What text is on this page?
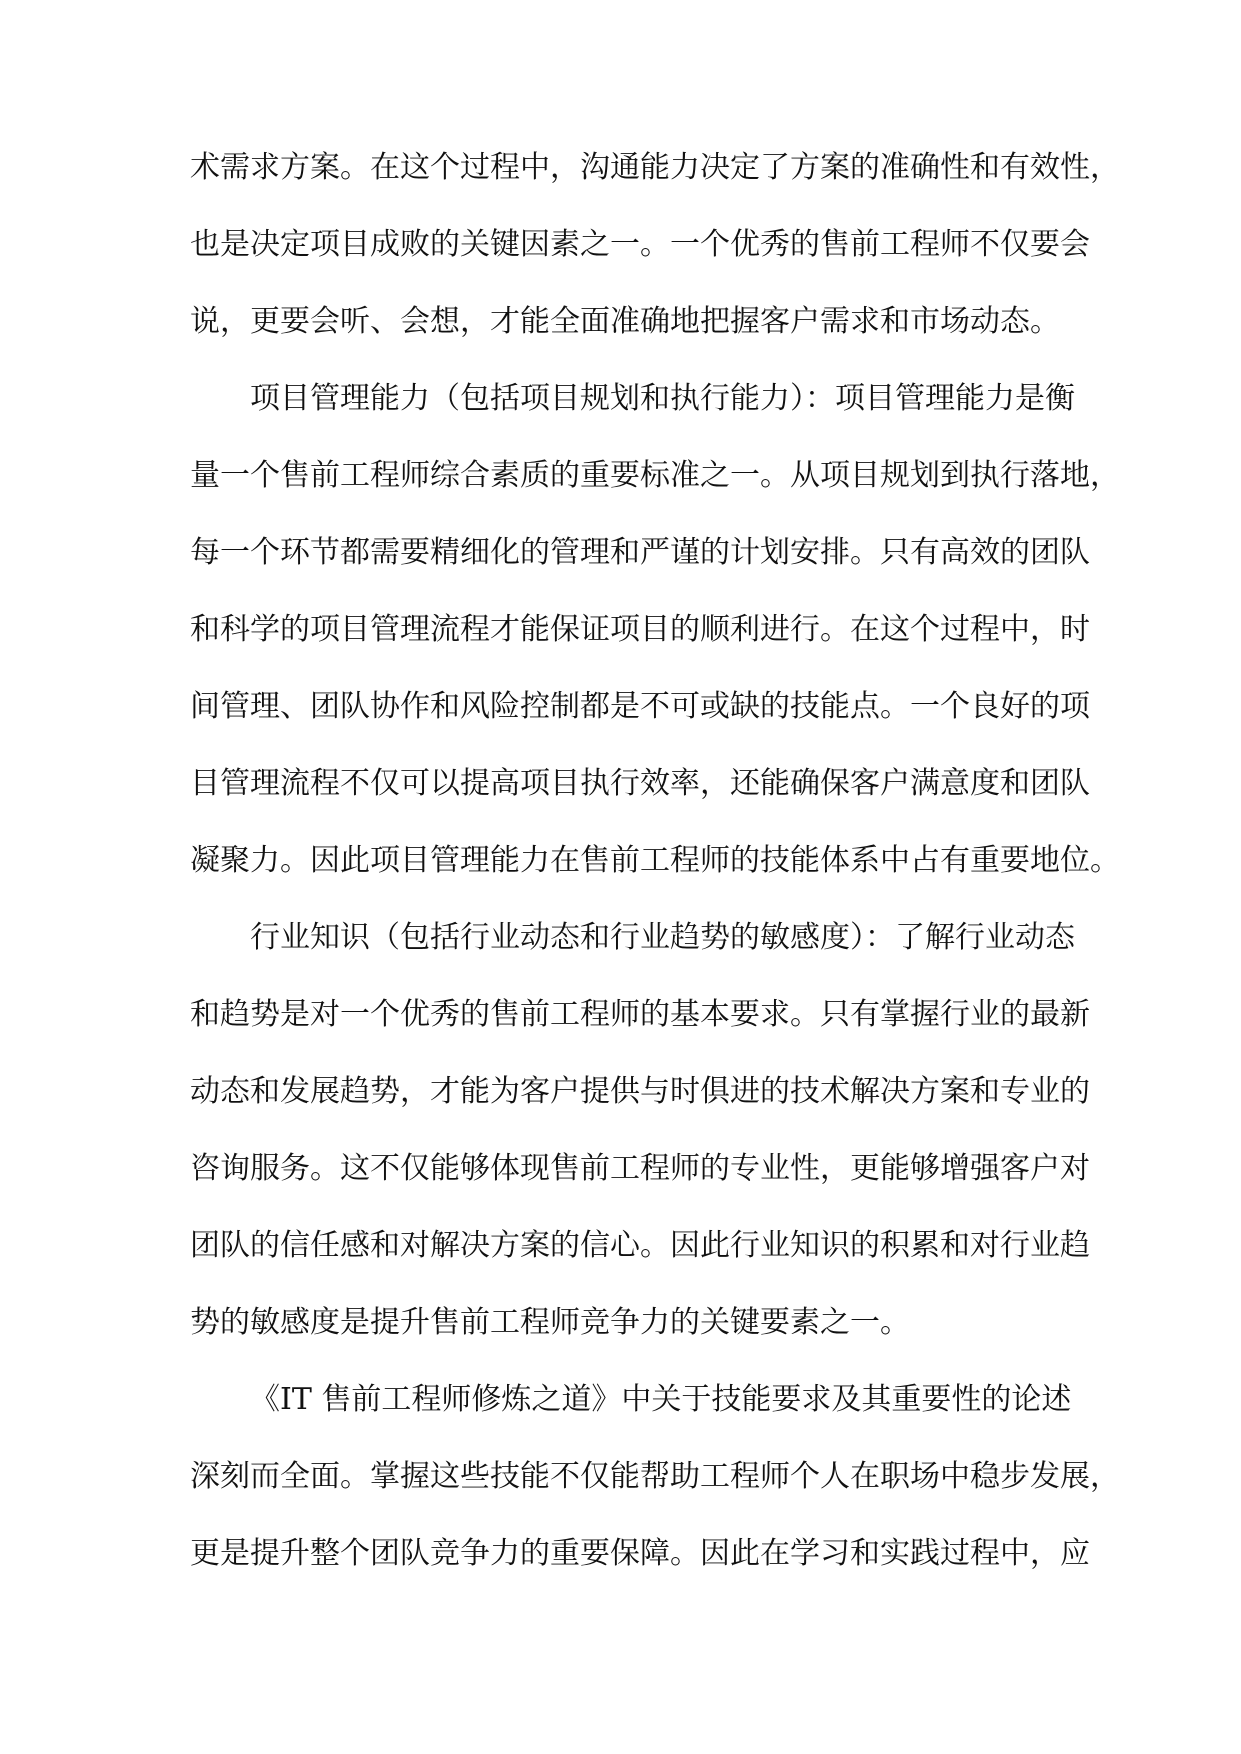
术需求方案。在这个过程中，沟通能力决定了方案的准确性和有效性，
也是决定项目成败的关键因素之一。一个优秀的售前工程师不仅要会
说，更要会听、会想，才能全面准确地把握客户需求和市场动态。
项目管理能力（包括项目规划和执行能力）：项目管理能力是衡
量一个售前工程师综合素质的重要标准之一。从项目规划到执行落地，
每一个环节都需要精细化的管理和严谨的计划安排。只有高效的团队
和科学的项目管理流程才能保证项目的顺利进行。在这个过程中，时
间管理、团队协作和风险控制都是不可或缺的技能点。一个良好的项
目管理流程不仅可以提高项目执行效率，还能确保客户满意度和团队
凝聚力。因此项目管理能力在售前工程师的技能体系中占有重要地位。
行业知识（包括行业动态和行业趋势的敏感度）：了解行业动态
和趋势是对一个优秀的售前工程师的基本要求。只有掌握行业的最新
动态和发展趋势，才能为客户提供与时俱进的技术解决方案和专业的
咨询服务。这不仅能够体现售前工程师的专业性，更能够增强客户对
团队的信任感和对解决方案的信心。因此行业知识的积累和对行业趋
势的敏感度是提升售前工程师竞争力的关键要素之一。
《IT 售前工程师修炼之道》中关于技能要求及其重要性的论述
深刻而全面。掌握这些技能不仅能帮助工程师个人在职场中稳步发展，
更是提升整个团队竞争力的重要保障。因此在学习和实践过程中，应
